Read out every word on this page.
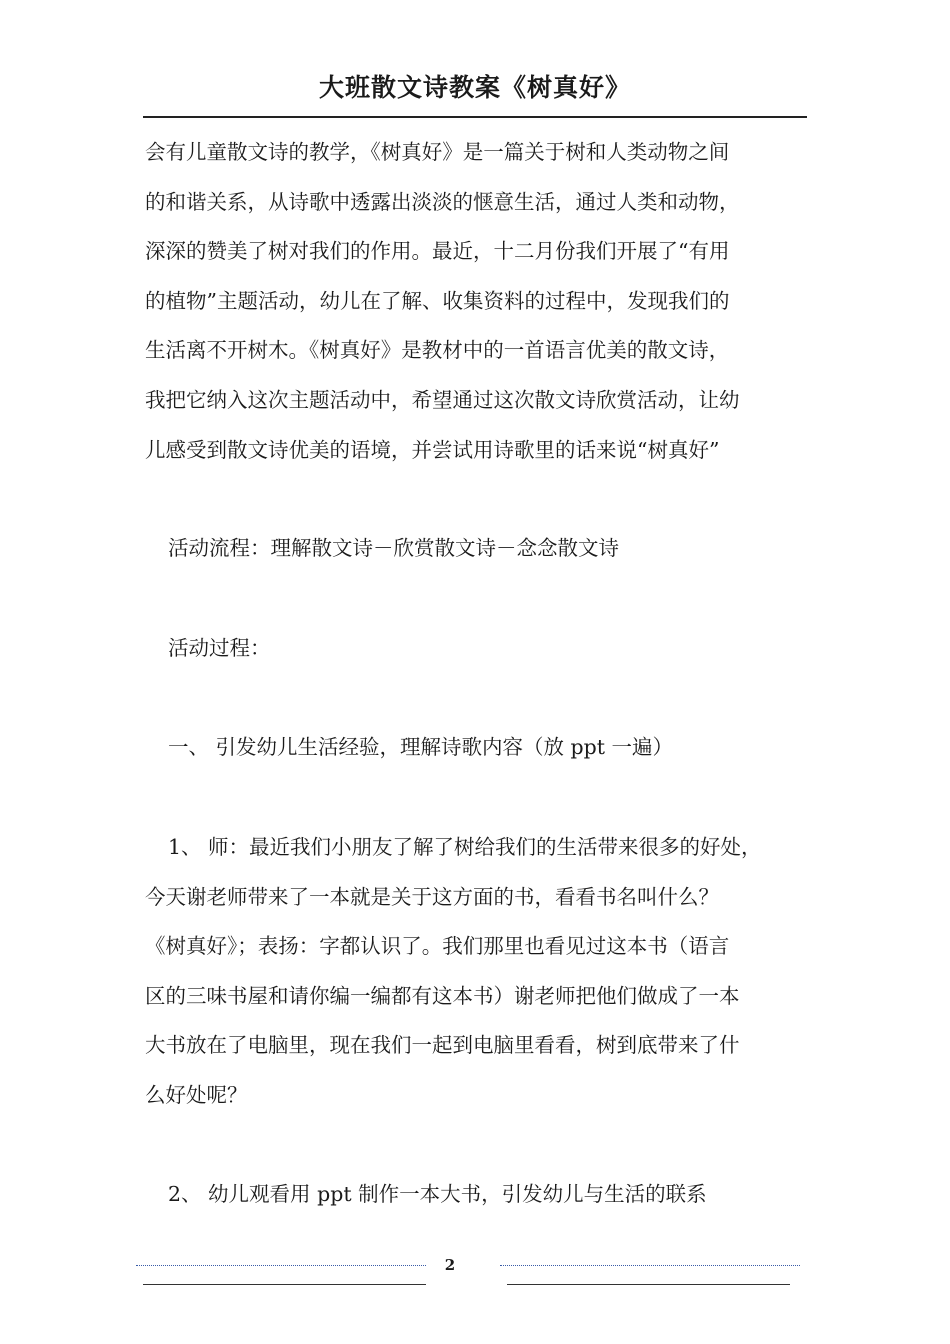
大班散文诗教案《树真好》
会有儿童散文诗的教学，《树真好》是一篇关于树和人类动物之间
的和谐关系，从诗歌中透露出淡淡的惬意生活，通过人类和动物，
深深的赞美了树对我们的作用。最近，十二月份我们开展了“有用
的植物”主题活动，幼儿在了解、收集资料的过程中，发现我们的
生活离不开树木。《树真好》是教材中的一首语言优美的散文诗，
我把它纳入这次主题活动中，希望通过这次散文诗欣赏活动，让幼
儿感受到散文诗优美的语境，并尝试用诗歌里的话来说“树真好”
活动流程：理解散文诗－欣赏散文诗－念念散文诗
活动过程：
一、 引发幼儿生活经验，理解诗歌内容（放 ppt 一遍）
1、 师：最近我们小朋友了解了树给我们的生活带来很多的好处，
今天谢老师带来了一本就是关于这方面的书，看看书名叫什么？
《树真好》；表扬：字都认识了。我们那里也看见过这本书（语言
区的三味书屋和请你编一编都有这本书）谢老师把他们做成了一本
大书放在了电脑里，现在我们一起到电脑里看看，树到底带来了什
么好处呢？
2、 幼儿观看用 ppt 制作一本大书，引发幼儿与生活的联系
2
